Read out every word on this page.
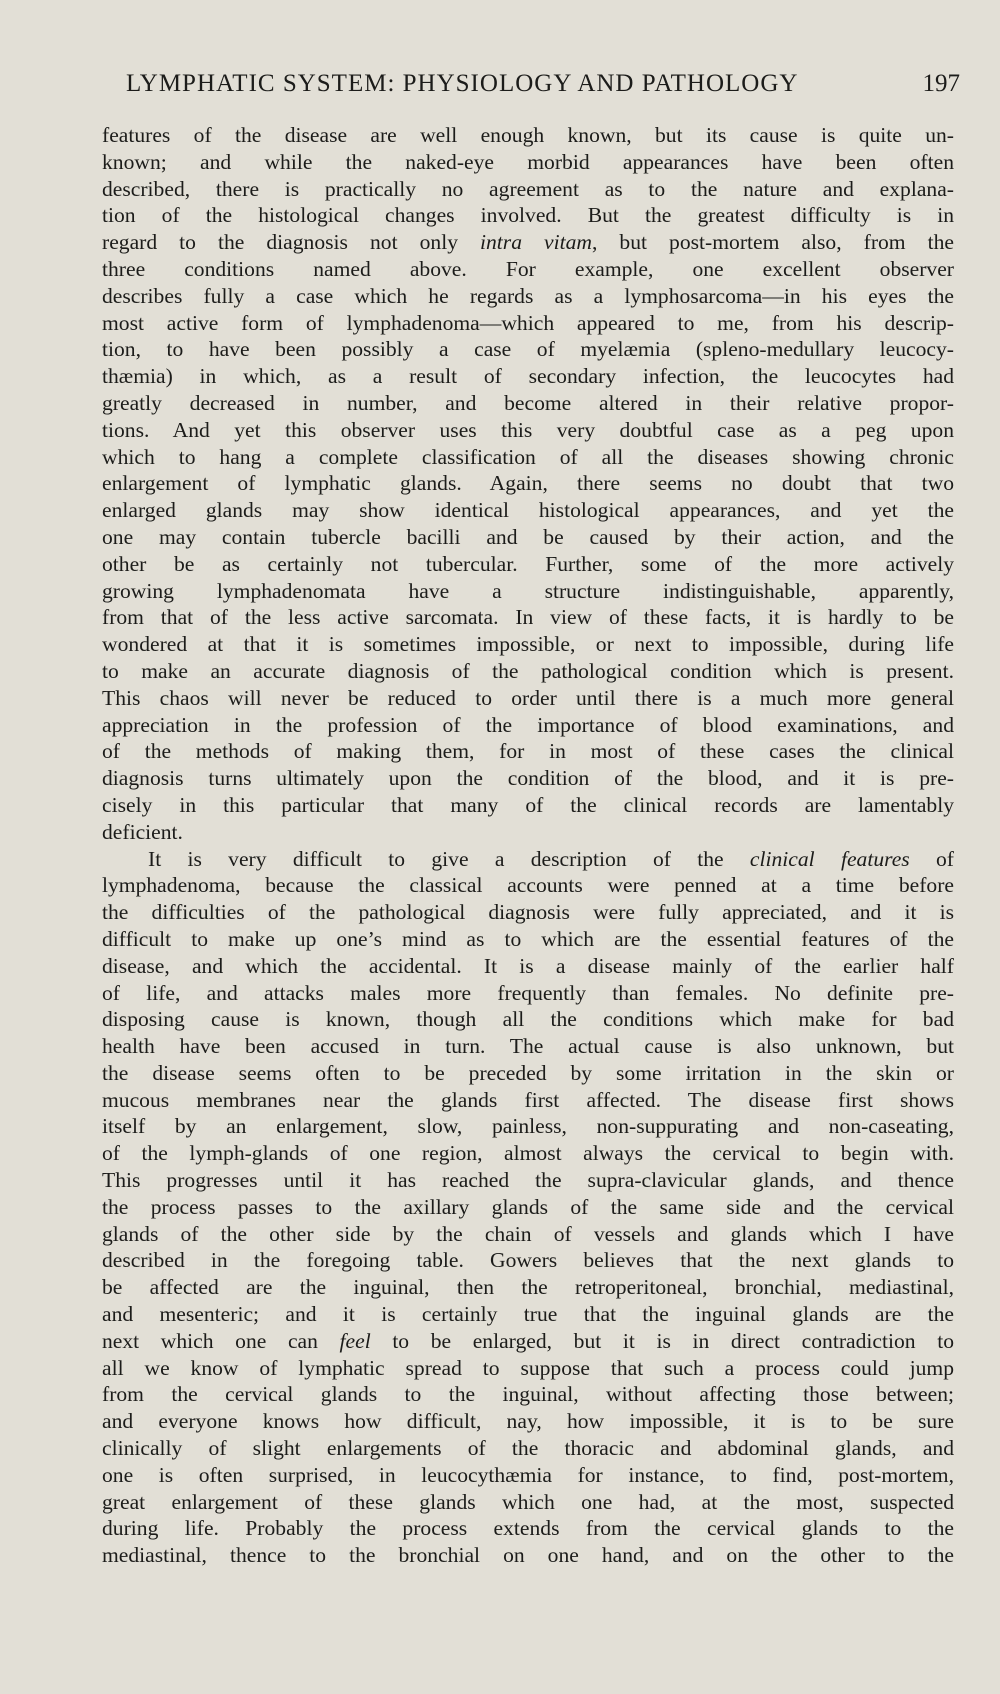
LYMPHATIC SYSTEM: PHYSIOLOGY AND PATHOLOGY	197
features of the disease are well enough known, but its cause is quite un-
known; and while the naked-eye morbid appearances have been often
described, there is practically no agreement as to the nature and explana-
tion of the histological changes involved. But the greatest difficulty is in
regard to the diagnosis not only intra vitam, but post-mortem also, from the
three conditions named above. For example, one excellent observer
describes fully a case which he regards as a lymphosarcoma—in his eyes the
most active form of lymphadenoma—which appeared to me, from his descrip-
tion, to have been possibly a case of myelæmia (spleno-medullary leucocy-
thæmia) in which, as a result of secondary infection, the leucocytes had
greatly decreased in number, and become altered in their relative propor-
tions. And yet this observer uses this very doubtful case as a peg upon
which to hang a complete classification of all the diseases showing chronic
enlargement of lymphatic glands. Again, there seems no doubt that two
enlarged glands may show identical histological appearances, and yet the
one may contain tubercle bacilli and be caused by their action, and the
other be as certainly not tubercular. Further, some of the more actively
growing lymphadenomata have a structure indistinguishable, apparently,
from that of the less active sarcomata. In view of these facts, it is hardly to be
wondered at that it is sometimes impossible, or next to impossible, during life
to make an accurate diagnosis of the pathological condition which is present.
This chaos will never be reduced to order until there is a much more general
appreciation in the profession of the importance of blood examinations, and
of the methods of making them, for in most of these cases the clinical
diagnosis turns ultimately upon the condition of the blood, and it is pre-
cisely in this particular that many of the clinical records are lamentably
deficient.
It is very difficult to give a description of the clinical features of
lymphadenoma, because the classical accounts were penned at a time before
the difficulties of the pathological diagnosis were fully appreciated, and it is
difficult to make up one’s mind as to which are the essential features of the
disease, and which the accidental. It is a disease mainly of the earlier half
of life, and attacks males more frequently than females. No definite pre-
disposing cause is known, though all the conditions which make for bad
health have been accused in turn. The actual cause is also unknown, but
the disease seems often to be preceded by some irritation in the skin or
mucous membranes near the glands first affected. The disease first shows
itself by an enlargement, slow, painless, non-suppurating and non-caseating,
of the lymph-glands of one region, almost always the cervical to begin with.
This progresses until it has reached the supra-clavicular glands, and thence
the process passes to the axillary glands of the same side and the cervical
glands of the other side by the chain of vessels and glands which I have
described in the foregoing table. Gowers believes that the next glands to
be affected are the inguinal, then the retroperitoneal, bronchial, mediastinal,
and mesenteric; and it is certainly true that the inguinal glands are the
next which one can feel to be enlarged, but it is in direct contradiction to
all we know of lymphatic spread to suppose that such a process could jump
from the cervical glands to the inguinal, without affecting those between;
and everyone knows how difficult, nay, how impossible, it is to be sure
clinically of slight enlargements of the thoracic and abdominal glands, and
one is often surprised, in leucocythæmia for instance, to find, post-mortem,
great enlargement of these glands which one had, at the most, suspected
during life. Probably the process extends from the cervical glands to the
mediastinal, thence to the bronchial on one hand, and on the other to the
